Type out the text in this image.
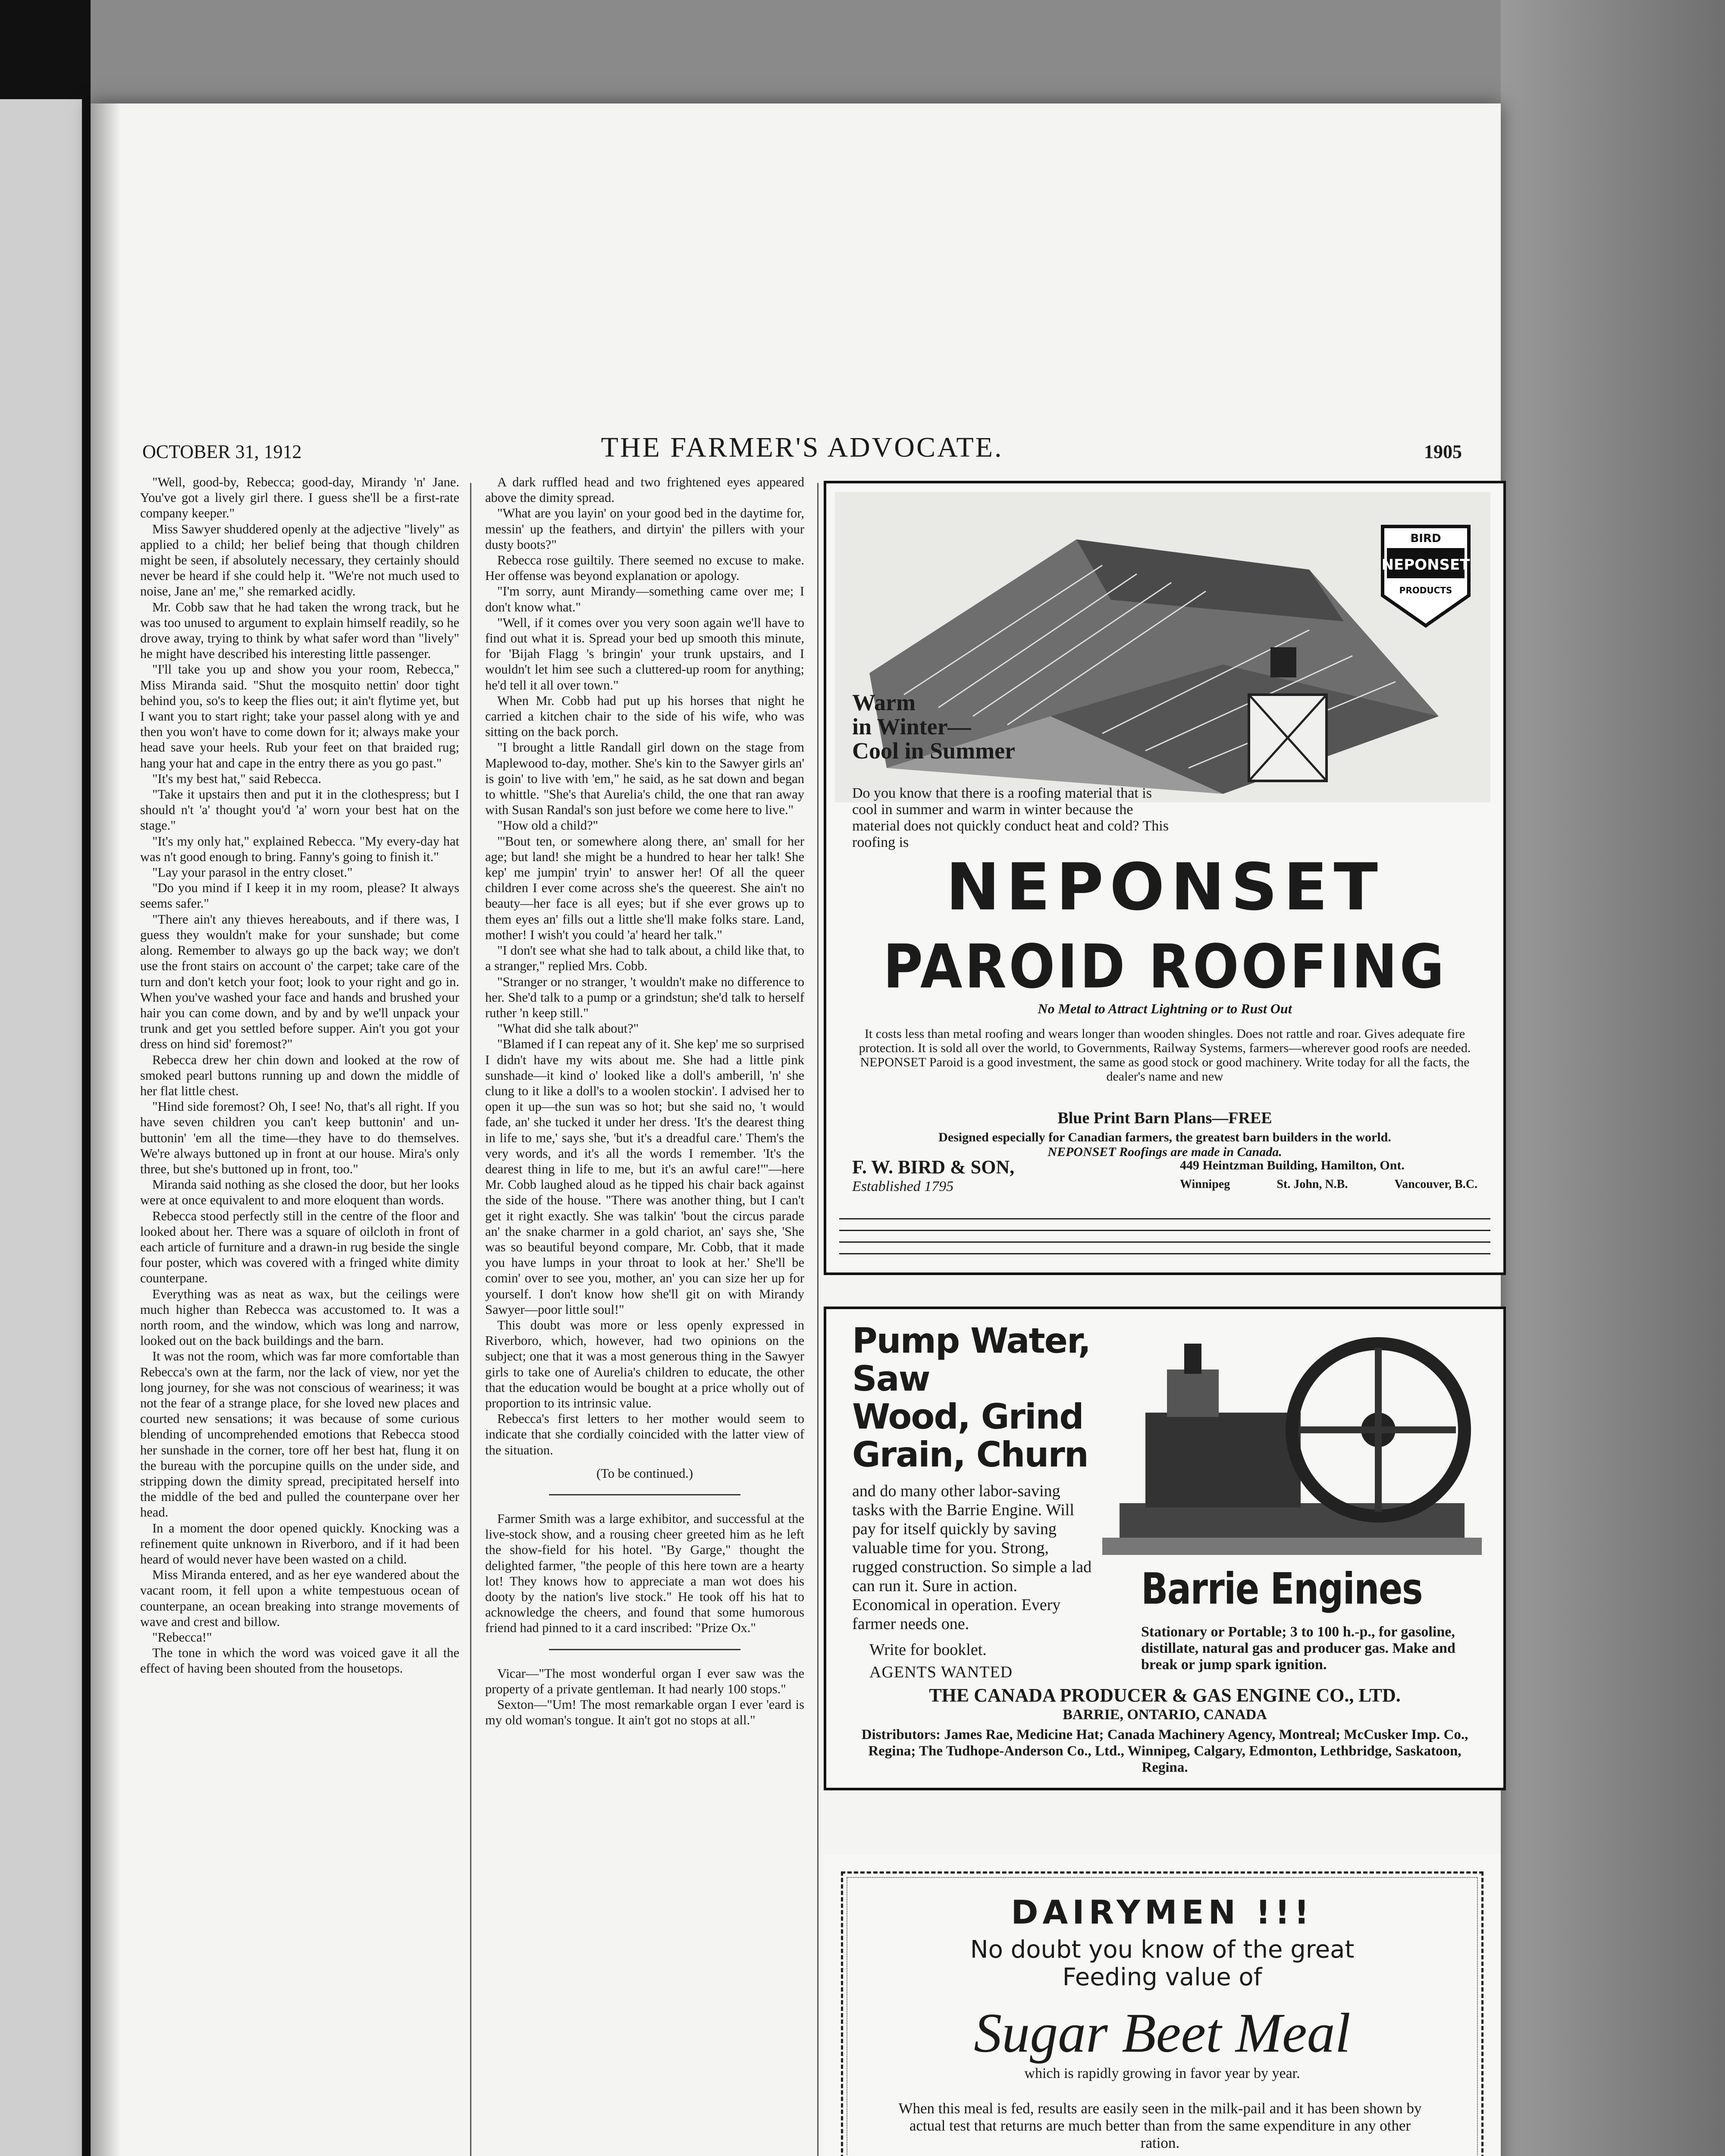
OCTOBER 31, 1912	THE FARMER'S ADVOCATE.	1905

"Well, good-by, Rebecca; good-day, Mirandy 'n' Jane. You've got a lively girl there. I guess she'll be a first-rate company keeper."

Miss Sawyer shuddered openly at the adjective "lively" as applied to a child; her belief being that though children might be seen, if absolutely necessary, they certainly should never be heard if she could help it. "We're not much used to noise, Jane an' me," she remarked acidly.

Mr. Cobb saw that he had taken the wrong track, but he was too unused to argument to explain himself readily, so he drove away, trying to think by what safer word than "lively" he might have described his interesting little passenger.

"I'll take you up and show you your room, Rebecca," Miss Miranda said. "Shut the mosquito nettin' door tight behind you, so's to keep the flies out; it ain't flytime yet, but I want you to start right; take your passel along with ye and then you won't have to come down for it; always make your head save your heels. Rub your feet on that braided rug; hang your hat and cape in the entry there as you go past."

"It's my best hat," said Rebecca.

"Take it upstairs then and put it in the clothespress; but I should n't 'a' thought you'd 'a' worn your best hat on the stage."

"It's my only hat," explained Rebecca. "My every-day hat was n't good enough to bring. Fanny's going to finish it."

"Lay your parasol in the entry closet."

"Do you mind if I keep it in my room, please? It always seems safer."

"There ain't any thieves hereabouts, and if there was, I guess they wouldn't make for your sunshade; but come along. Remember to always go up the back way; we don't use the front stairs on account o' the carpet; take care of the turn and don't ketch your foot; look to your right and go in. When you've washed your face and hands and brushed your hair you can come down, and by and by we'll unpack your trunk and get you settled before supper. Ain't you got your dress on hind sid' foremost?"

Rebecca drew her chin down and looked at the row of smoked pearl buttons running up and down the middle of her flat little chest.

"Hind side foremost? Oh, I see! No, that's all right. If you have seven children you can't keep buttonin' and un-buttonin' 'em all the time—they have to do themselves. We're always buttoned up in front at our house. Mira's only three, but she's buttoned up in front, too."

Miranda said nothing as she closed the door, but her looks were at once equivalent to and more eloquent than words.

Rebecca stood perfectly still in the centre of the floor and looked about her. There was a square of oilcloth in front of each article of furniture and a drawn-in rug beside the single four poster, which was covered with a fringed white dimity counterpane.

Everything was as neat as wax, but the ceilings were much higher than Rebecca was accustomed to. It was a north room, and the window, which was long and narrow, looked out on the back buildings and the barn.

It was not the room, which was far more comfortable than Rebecca's own at the farm, nor the lack of view, nor yet the long journey, for she was not conscious of weariness; it was not the fear of a strange place, for she loved new places and courted new sensations; it was because of some curious blending of uncomprehended emotions that Rebecca stood her sunshade in the corner, tore off her best hat, flung it on the bureau with the porcupine quills on the under side, and stripping down the dimity spread, precipitated herself into the middle of the bed and pulled the counterpane over her head.

In a moment the door opened quickly. Knocking was a refinement quite unknown in Riverboro, and if it had been heard of would never have been wasted on a child.

Miss Miranda entered, and as her eye wandered about the vacant room, it fell upon a white tempestuous ocean of counterpane, an ocean breaking into strange movements of wave and crest and billow.

"Rebecca!"

The tone in which the word was voiced gave it all the effect of having been shouted from the housetops.

A dark ruffled head and two frightened eyes appeared above the dimity spread.

"What are you layin' on your good bed in the daytime for, messin' up the feathers, and dirtyin' the pillers with your dusty boots?"

Rebecca rose guiltily. There seemed no excuse to make. Her offense was beyond explanation or apology.

"I'm sorry, aunt Mirandy—something came over me; I don't know what."

"Well, if it comes over you very soon again we'll have to find out what it is. Spread your bed up smooth this minute, for 'Bijah Flagg 's bringin' your trunk upstairs, and I wouldn't let him see such a cluttered-up room for anything; he'd tell it all over town."

When Mr. Cobb had put up his horses that night he carried a kitchen chair to the side of his wife, who was sitting on the back porch.

"I brought a little Randall girl down on the stage from Maplewood to-day, mother. She's kin to the Sawyer girls an' is goin' to live with 'em," he said, as he sat down and began to whittle. "She's that Aurelia's child, the one that ran away with Susan Randal's son just before we come here to live."

"How old a child?"

"'Bout ten, or somewhere along there, an' small for her age; but land! she might be a hundred to hear her talk! She kep' me jumpin' tryin' to answer her! Of all the queer children I ever come across she's the queerest. She ain't no beauty—her face is all eyes; but if she ever grows up to them eyes an' fills out a little she'll make folks stare. Land, mother! I wish't you could 'a' heard her talk."

"I don't see what she had to talk about, a child like that, to a stranger," replied Mrs. Cobb.

"Stranger or no stranger, 't wouldn't make no difference to her. She'd talk to a pump or a grindstun; she'd talk to herself ruther 'n keep still."

"What did she talk about?"

"Blamed if I can repeat any of it. She kep' me so surprised I didn't have my wits about me. She had a little pink sunshade—it kind o' looked like a doll's amberill, 'n' she clung to it like a doll's to a woolen stockin'. I advised her to open it up—the sun was so hot; but she said no, 't would fade, an' she tucked it under her dress. 'It's the dearest thing in life to me,' says she, 'but it's a dreadful care.' Them's the very words, and it's all the words I remember. 'It's the dearest thing in life to me, but it's an awful care!'"—here Mr. Cobb laughed aloud as he tipped his chair back against the side of the house. "There was another thing, but I can't get it right exactly. She was talkin' 'bout the circus parade an' the snake charmer in a gold chariot, an' says she, 'She was so beautiful beyond compare, Mr. Cobb, that it made you have lumps in your throat to look at her.' She'll be comin' over to see you, mother, an' you can size her up for yourself. I don't know how she'll git on with Mirandy Sawyer—poor little soul!"

This doubt was more or less openly expressed in Riverboro, which, however, had two opinions on the subject; one that it was a most generous thing in the Sawyer girls to take one of Aurelia's children to educate, the other that the education would be bought at a price wholly out of proportion to its intrinsic value.

Rebecca's first letters to her mother would seem to indicate that she cordially coincided with the latter view of the situation.

(To be continued.)

Farmer Smith was a large exhibitor, and successful at the live-stock show, and a rousing cheer greeted him as he left the show-field for his hotel. "By Garge," thought the delighted farmer, "the people of this here town are a hearty lot! They knows how to appreciate a man wot does his dooty by the nation's live stock." He took off his hat to acknowledge the cheers, and found that some humorous friend had pinned to it a card inscribed: "Prize Ox."

Vicar—"The most wonderful organ I ever saw was the property of a private gentleman. It had nearly 100 stops."

Sexton—"Um! The most remarkable organ I ever 'eard is my old woman's tongue. It ain't got no stops at all."

BIRD
NEPONSET
PRODUCTS
Warm
in Winter—
Cool in Summer
Do you know that there is a roofing material that is cool in summer and warm in winter because the material does not quickly conduct heat and cold? This roofing is
NEPONSET
PAROID ROOFING
No Metal to Attract Lightning or to Rust Out
It costs less than metal roofing and wears longer than wooden shingles. Does not rattle and roar. Gives adequate fire protection. It is sold all over the world, to Governments, Railway Systems, farmers—wherever good roofs are needed.
NEPONSET Paroid is a good investment, the same as good stock or good machinery. Write today for all the facts, the dealer's name and new
Blue Print Barn Plans—FREE
Designed especially for Canadian farmers, the greatest barn builders in the world.
NEPONSET Roofings are made in Canada.
F. W. BIRD & SON,
Established 1795
449 Heintzman Building, Hamilton, Ont.
Winnipeg	St. John, N.B.	Vancouver, B.C.
Pump Water, Saw
Wood, Grind
Grain, Churn
and do many other labor-saving tasks with the Barrie Engine. Will pay for itself quickly by saving valuable time for you. Strong, rugged construction. So simple a lad can run it. Sure in action. Economical in operation. Every farmer needs one.
Write for booklet.
AGENTS WANTED
Barrie Engines
Stationary or Portable; 3 to 100 h.-p., for gasoline, distillate, natural gas and producer gas. Make and break or jump spark ignition.
THE CANADA PRODUCER & GAS ENGINE CO., LTD.
BARRIE, ONTARIO, CANADA
Distributors: James Rae, Medicine Hat; Canada Machinery Agency, Montreal; McCusker Imp. Co., Regina; The Tudhope-Anderson Co., Ltd., Winnipeg, Calgary, Edmonton, Lethbridge, Saskatoon, Regina.
DAIRYMEN !!!
No doubt you know of the great
Feeding value of
Sugar Beet Meal
which is rapidly growing in favor year by year.
When this meal is fed, results are easily seen in the milk-pail and it has been shown by actual test that returns are much better than from the same expenditure in any other ration.
